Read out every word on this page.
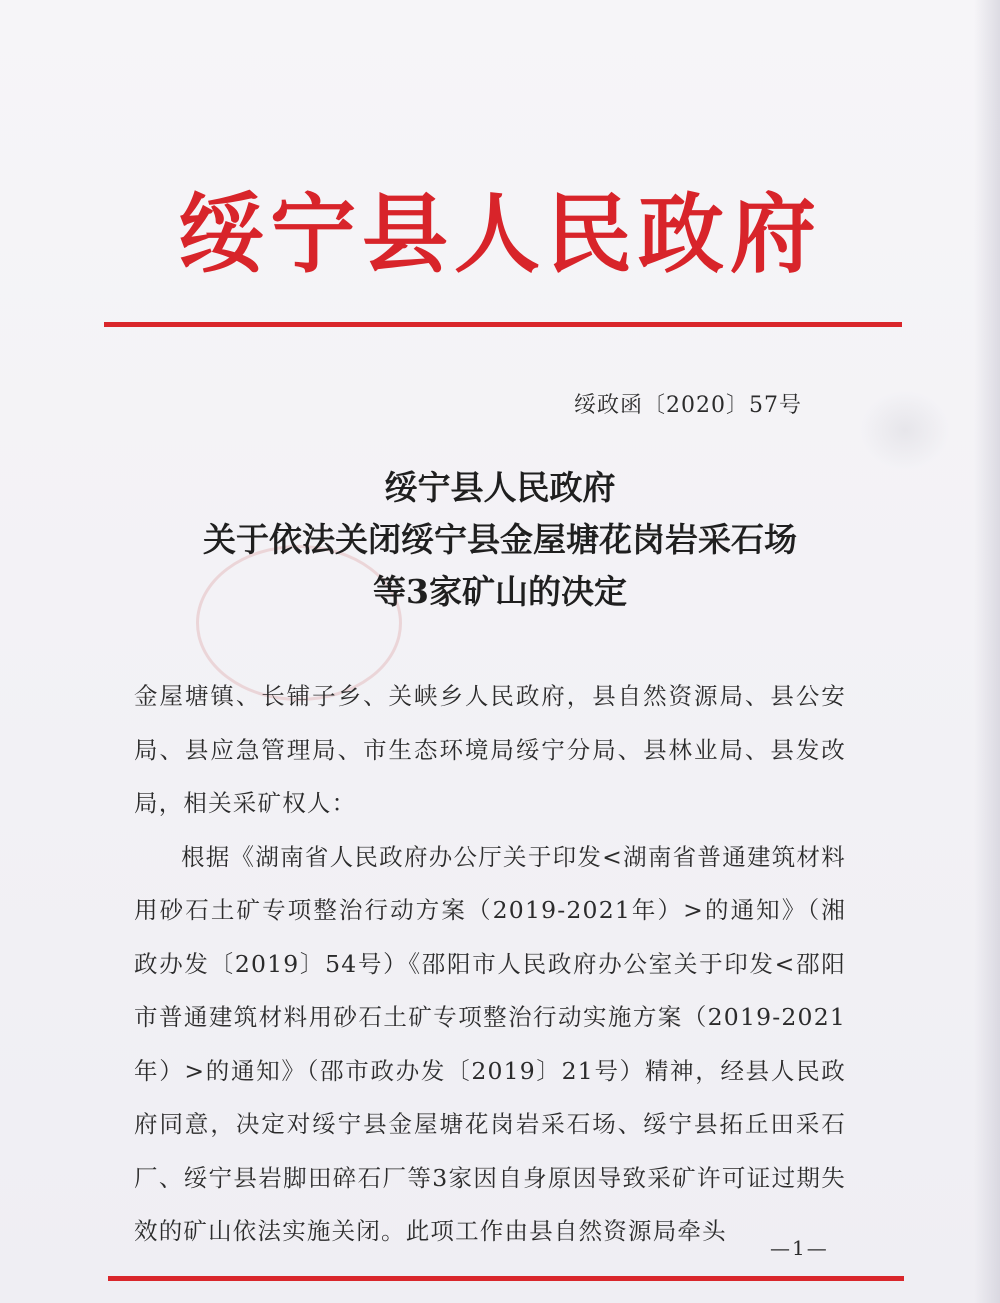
绥宁县人民政府
绥政函〔2020〕57号
绥宁县人民政府
关于依法关闭绥宁县金屋塘花岗岩采石场
等3家矿山的决定

金屋塘镇、长铺子乡、关峡乡人民政府，县自然资源局、县公安局、县应急管理局、市生态环境局绥宁分局、县林业局、县发改局，相关采矿权人：

根据《湖南省人民政府办公厅关于印发<湖南省普通建筑材料用砂石土矿专项整治行动方案（2019-2021年）>的通知》（湘政办发〔2019〕54号）《邵阳市人民政府办公室关于印发<邵阳市普通建筑材料用砂石土矿专项整治行动实施方案（2019-2021年）>的通知》（邵市政办发〔2019〕21号）精神，经县人民政府同意，决定对绥宁县金屋塘花岗岩采石场、绥宁县拓丘田采石厂、绥宁县岩脚田碎石厂等3家因自身原因导致采矿许可证过期失效的矿山依法实施关闭。此项工作由县自然资源局牵头

—1—
